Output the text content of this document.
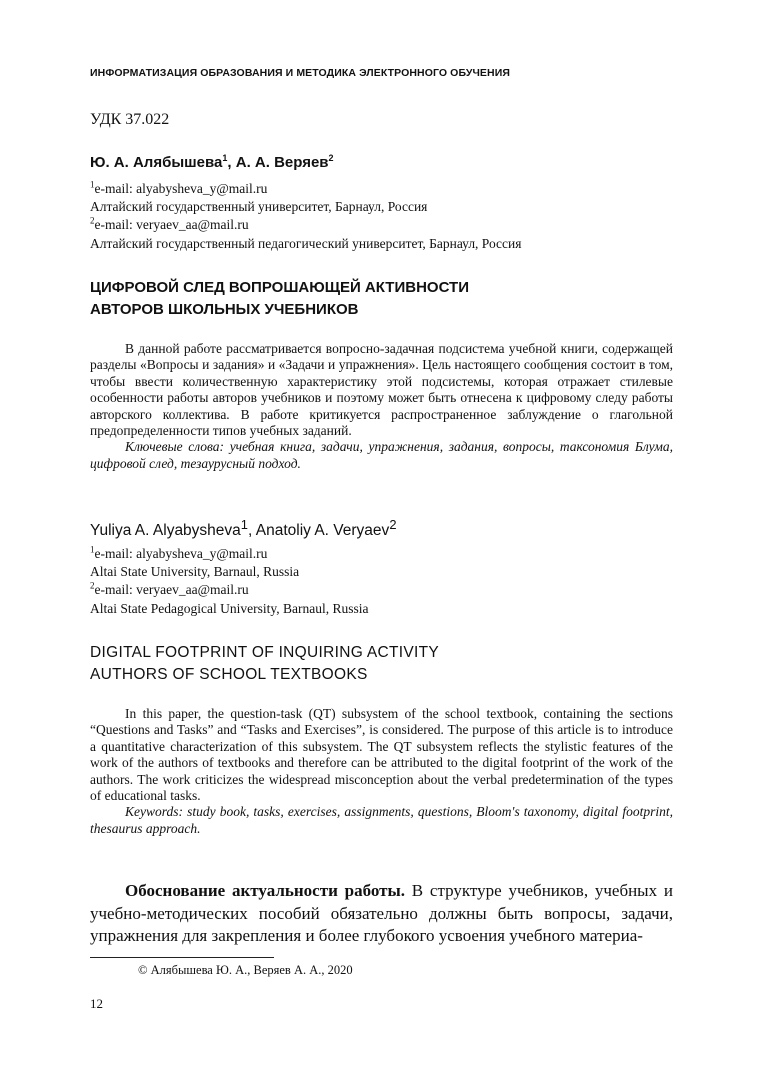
ИНФОРМАТИЗАЦИЯ ОБРАЗОВАНИЯ И МЕТОДИКА ЭЛЕКТРОННОГО ОБУЧЕНИЯ
УДК 37.022
Ю. А. Алябышева$^1$, А. А. Веряев$^2$
$^1$e-mail: alyabysheva_y@mail.ru
Алтайский государственный университет, Барнаул, Россия
$^2$e-mail: veryaev_aa@mail.ru
Алтайский государственный педагогический университет, Барнаул, Россия
ЦИФРОВОЙ СЛЕД ВОПРОШАЮЩЕЙ АКТИВНОСТИ
АВТОРОВ ШКОЛЬНЫХ УЧЕБНИКОВ

В данной работе рассматривается вопросно-задачная подсистема учебной книги, содержащей разделы «Вопросы и задания» и «Задачи и упражнения». Цель настоящего сообщения состоит в том, чтобы ввести количественную характеристику этой подсистемы, которая отражает стилевые особенности работы авторов учебников и поэтому может быть отнесена к цифровому следу работы авторского коллектива. В работе критикуется распространенное заблуждение о глагольной предопределенности типов учебных заданий.

Ключевые слова: учебная книга, задачи, упражнения, задания, вопросы, таксономия Блума, цифровой след, тезаурусный подход.

Yuliya A. Alyabysheva$^1$, Anatoliy A. Veryaev$^2$
$^1$e-mail: alyabysheva_y@mail.ru
Altai State University, Barnaul, Russia
$^2$e-mail: veryaev_aa@mail.ru
Altai State Pedagogical University, Barnaul, Russia
DIGITAL FOOTPRINT OF INQUIRING ACTIVITY
AUTHORS OF SCHOOL TEXTBOOKS

In this paper, the question-task (QT) subsystem of the school textbook, containing the sections “Questions and Tasks” and “Tasks and Exercises”, is considered. The purpose of this article is to introduce a quantitative characterization of this subsystem. The QT subsystem reflects the stylistic features of the work of the authors of textbooks and therefore can be attributed to the digital footprint of the work of the authors. The work criticizes the widespread misconception about the verbal predetermination of the types of educational tasks.

Keywords: study book, tasks, exercises, assignments, questions, Bloom's taxonomy, digital footprint, thesaurus approach.

Обоснование актуальности работы. В структуре учебников, учебных и учебно-методических пособий обязательно должны быть вопросы, задачи, упражнения для закрепления и более глубокого усвоения учебного материа-

© Алябышева Ю. А., Веряев А. А., 2020
12
